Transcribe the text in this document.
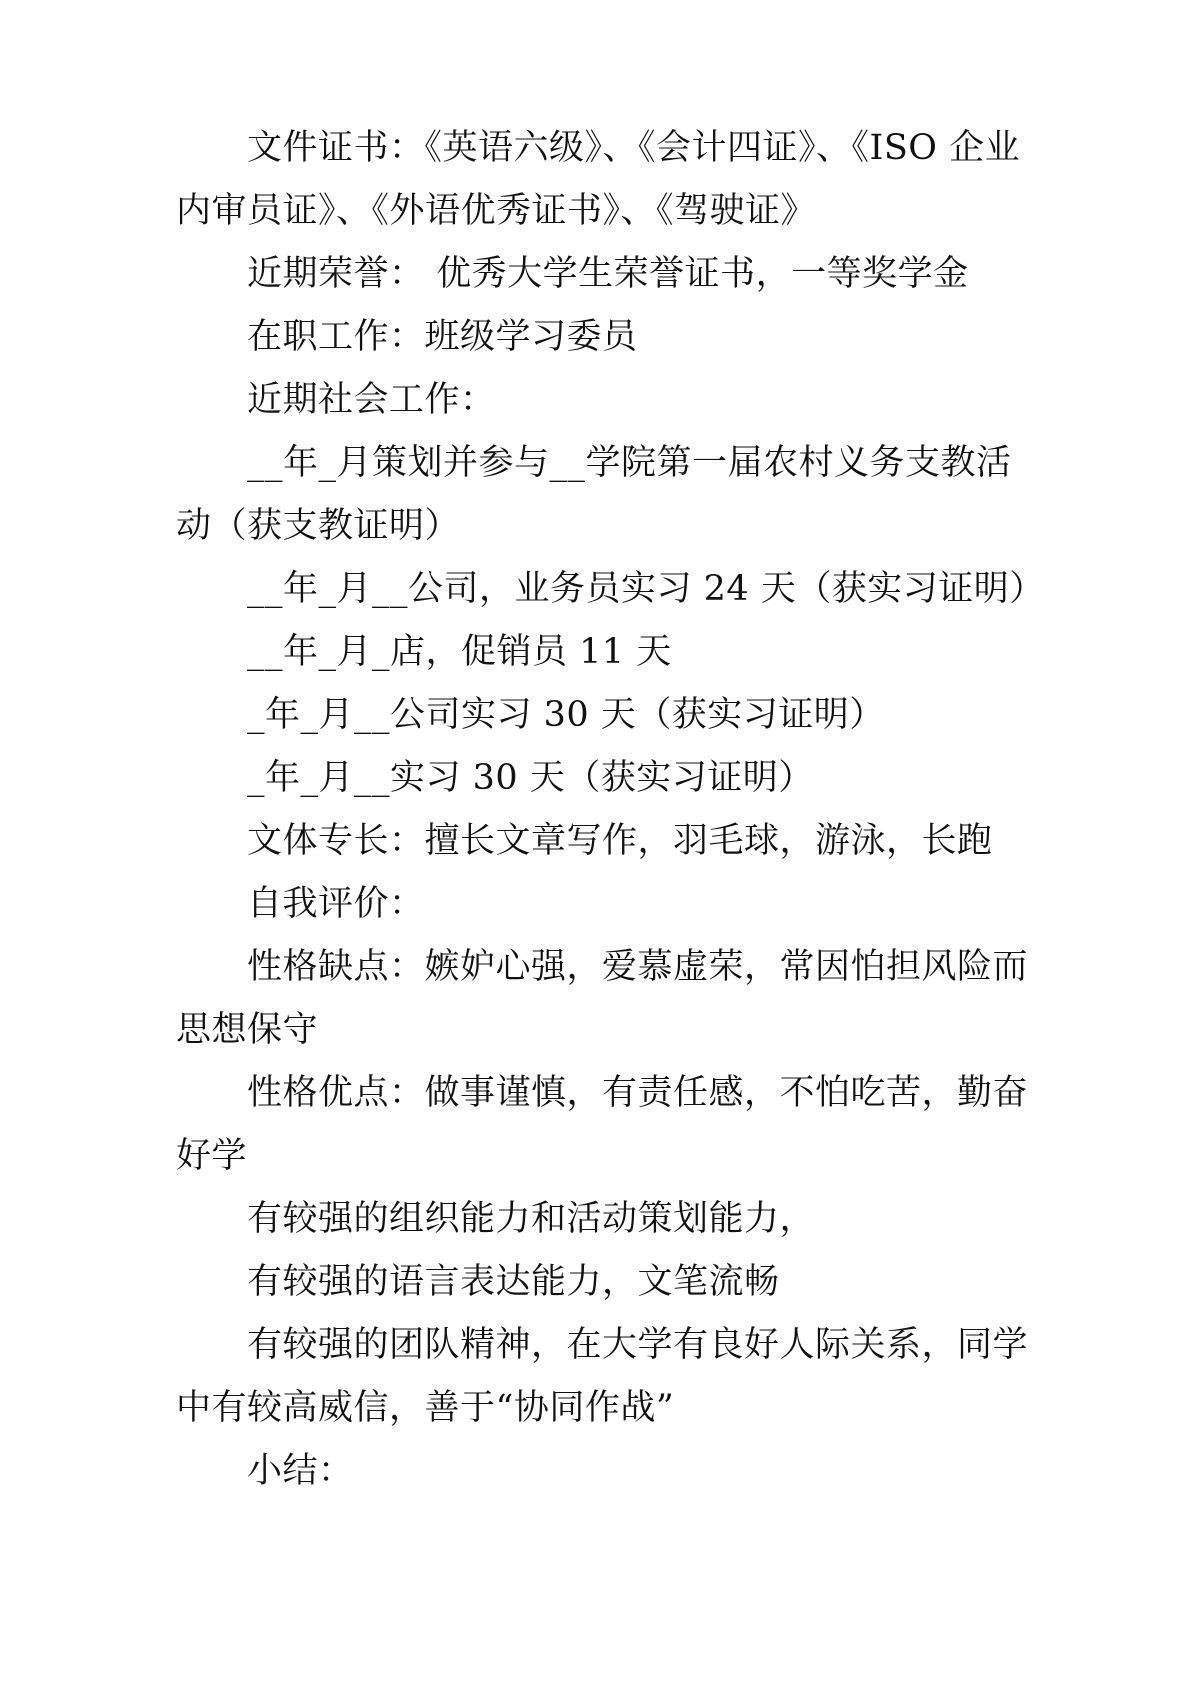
文件证书：《英语六级》、《会计四证》、《ISO 企业内审员证》、《外语优秀证书》、《驾驶证》

近期荣誉： 优秀大学生荣誉证书，一等奖学金

在职工作：班级学习委员

近期社会工作：

__年_月策划并参与__学院第一届农村义务支教活动（获支教证明）

__年_月__公司，业务员实习 24 天（获实习证明）

__年_月_店，促销员 11 天

_年_月__公司实习 30 天（获实习证明）

_年_月__实习 30 天（获实习证明）

文体专长：擅长文章写作，羽毛球，游泳，长跑

自我评价：

性格缺点：嫉妒心强，爱慕虚荣，常因怕担风险而思想保守

性格优点：做事谨慎，有责任感，不怕吃苦，勤奋好学

有较强的组织能力和活动策划能力，

有较强的语言表达能力，文笔流畅

有较强的团队精神，在大学有良好人际关系，同学中有较高威信，善于“协同作战”

小结：
